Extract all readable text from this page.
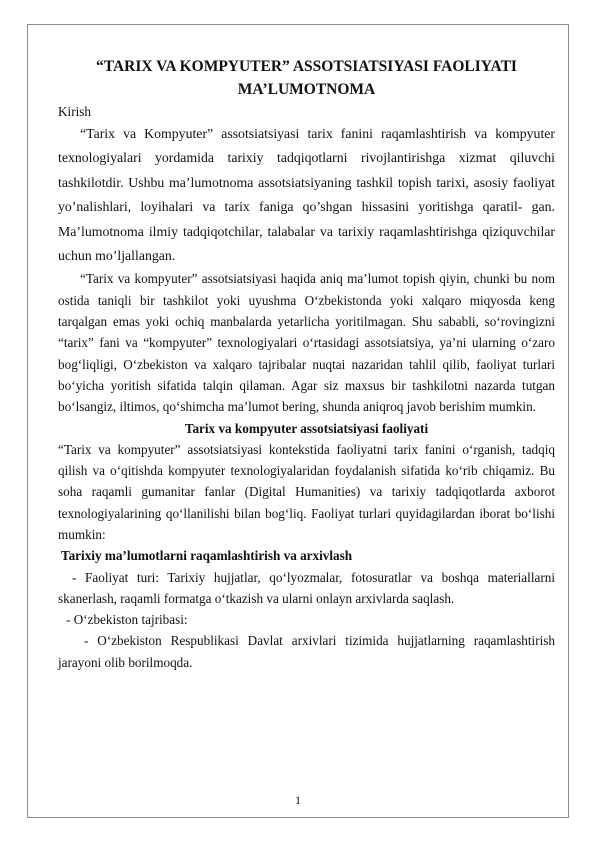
“TARIX VA KOMPYUTER” ASSOTSIATSIYASI FAOLIYATI MA’LUMOTNOMA
Kirish

“Tarix va Kompyuter” assotsiatsiyasi tarix fanini raqamlashtirish va kompyuter texnologiyalari yordamida tarixiy tadqiqotlarni rivojlantirishga xizmat qiluvchi tashkilotdir. Ushbu ma’lumotnoma assotsiatsiyaning tashkil topish tarixi, asosiy faoliyat yo’nalishlari, loyihalari va tarix faniga qo’shgan hissasini yoritishga qaratil- gan. Ma’lumotnoma ilmiy tadqiqotchilar, talabalar va tarixiy raqamlashtirishga qiziquvchilar uchun mo’ljallangan.

“Tarix va kompyuter” assotsiatsiyasi haqida aniq ma’lumot topish qiyin, chunki bu nom ostida taniqli bir tashkilot yoki uyushma O‘zbekistonda yoki xalqaro miqyosda keng tarqalgan emas yoki ochiq manbalarda yetarlicha yoritilmagan. Shu sababli, so‘rovingizni “tarix” fani va “kompyuter” texnologiyalari o‘rtasidagi assotsiatsiya, ya’ni ularning o‘zaro bog‘liqligi, O‘zbekiston va xalqaro tajribalar nuqtai nazaridan tahlil qilib, faoliyat turlari bo‘yicha yoritish sifatida talqin qilaman. Agar siz maxsus bir tashkilotni nazarda tutgan bo‘lsangiz, iltimos, qo‘shimcha ma’lumot bering, shunda aniqroq javob berishim mumkin.

Tarix va kompyuter assotsiatsiyasi faoliyati

“Tarix va kompyuter” assotsiatsiyasi kontekstida faoliyatni tarix fanini o‘rganish, tadqiq qilish va o‘qitishda kompyuter texnologiyalaridan foydalanish sifatida ko‘rib chiqamiz. Bu soha raqamli gumanitar fanlar (Digital Humanities) va tarixiy tadqiqotlarda axborot texnologiyalarining qo‘llanilishi bilan bog‘liq. Faoliyat turlari quyidagilardan iborat bo‘lishi mumkin:

Tarixiy ma’lumotlarni raqamlashtirish va arxivlash

- Faoliyat turi: Tarixiy hujjatlar, qo‘lyozmalar, fotosuratlar va boshqa materiallarni skanerlash, raqamli formatga o‘tkazish va ularni onlayn arxivlarda saqlash.

- O‘zbekiston tajribasi:

- O‘zbekiston Respublikasi Davlat arxivlari tizimida hujjatlarning raqamlashtirish jarayoni olib borilmoqda.

1
